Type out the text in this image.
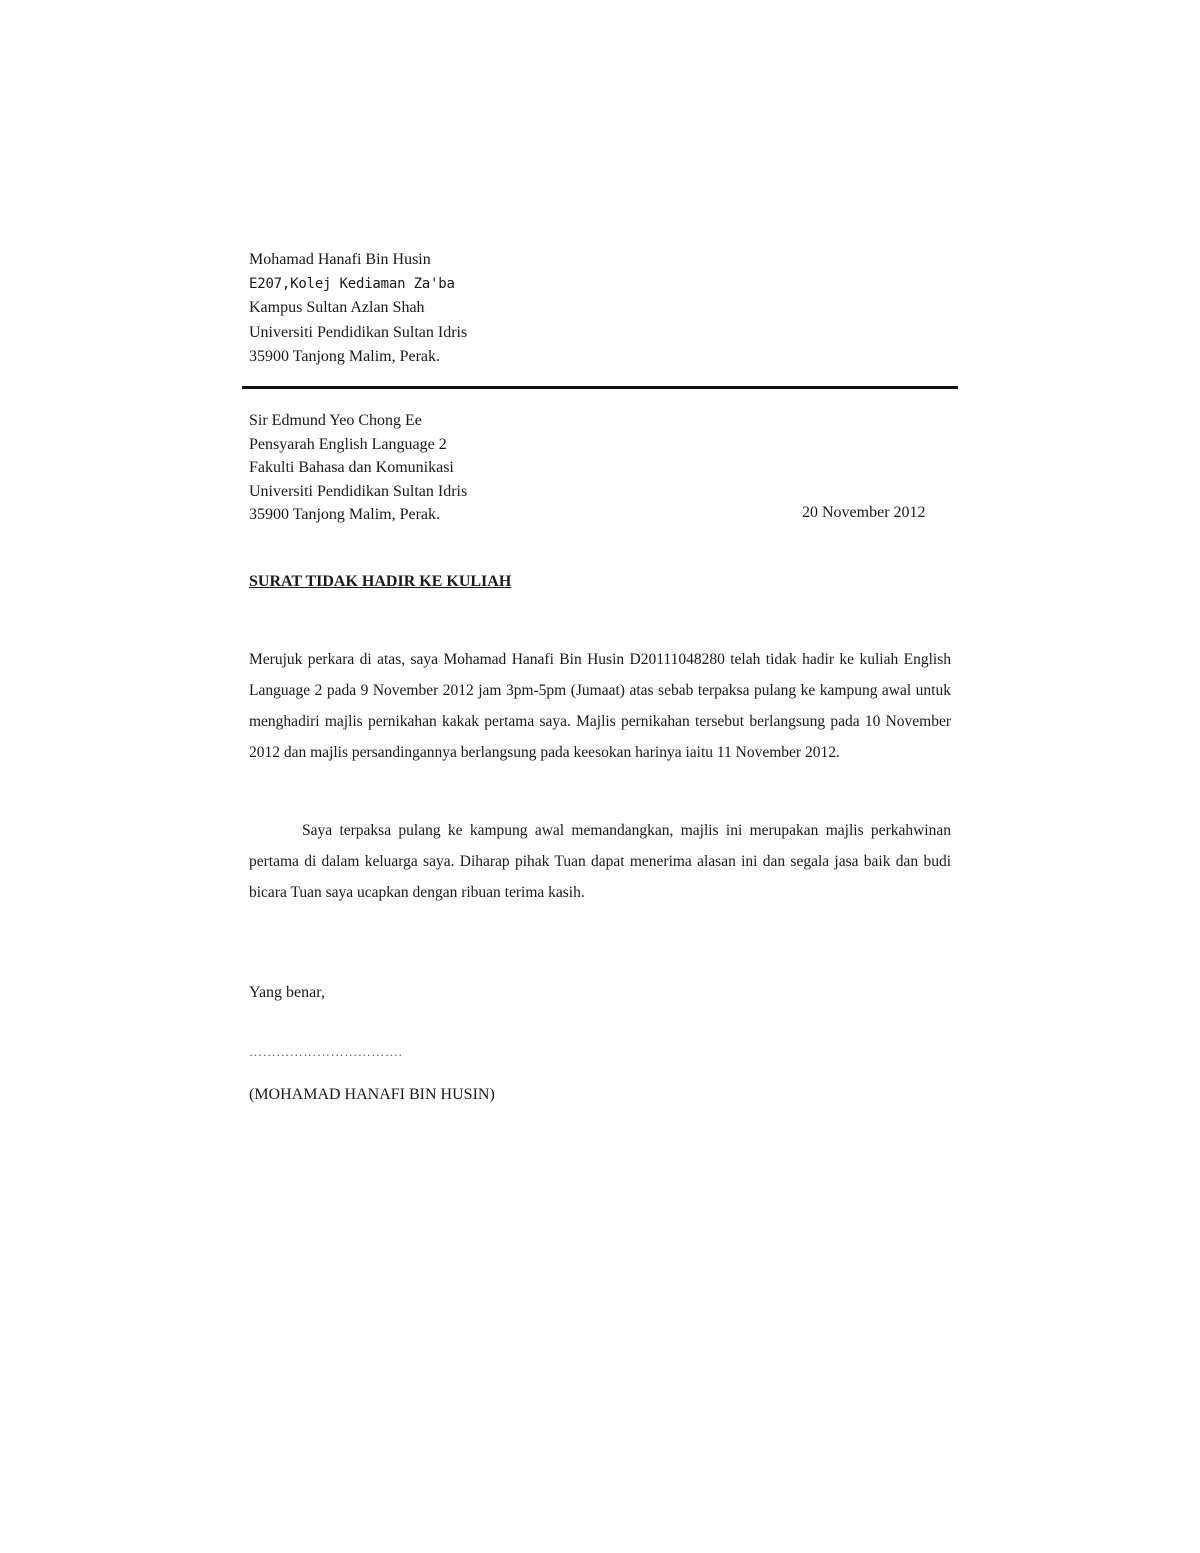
Mohamad Hanafi Bin Husin
E207,Kolej Kediaman Za'ba
Kampus Sultan Azlan Shah
Universiti Pendidikan Sultan Idris
35900 Tanjong Malim, Perak.
Sir Edmund Yeo Chong Ee
Pensyarah English Language 2
Fakulti Bahasa dan Komunikasi
Universiti Pendidikan Sultan Idris
35900 Tanjong Malim, Perak.	20 November 2012
SURAT TIDAK HADIR KE KULIAH

Merujuk perkara di atas, saya Mohamad Hanafi Bin Husin D20111048280 telah tidak hadir ke kuliah English Language 2 pada 9 November 2012 jam 3pm-5pm (Jumaat) atas sebab terpaksa pulang ke kampung awal untuk menghadiri majlis pernikahan kakak pertama saya. Majlis pernikahan tersebut berlangsung pada 10 November 2012 dan majlis persandingannya berlangsung pada keesokan harinya iaitu 11 November 2012.

Saya terpaksa pulang ke kampung awal memandangkan, majlis ini merupakan majlis perkahwinan pertama di dalam keluarga saya. Diharap pihak Tuan dapat menerima alasan ini dan segala jasa baik dan budi bicara Tuan saya ucapkan dengan ribuan terima kasih.

Yang benar,
…………………………….
(MOHAMAD HANAFI BIN HUSIN)
